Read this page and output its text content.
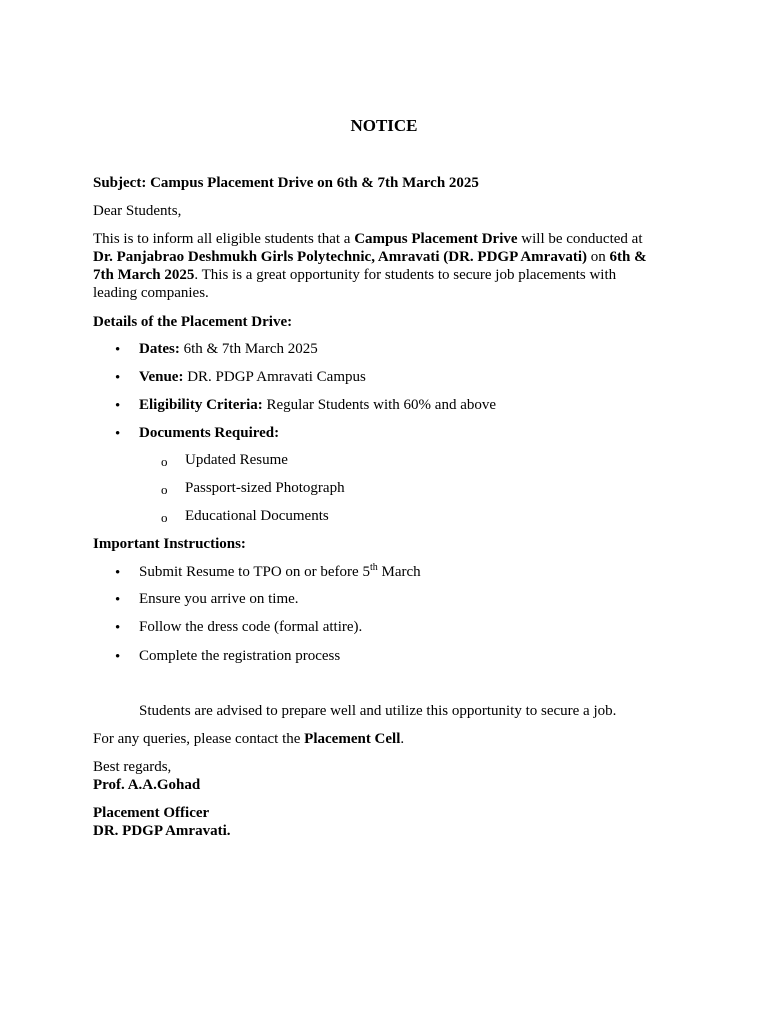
NOTICE
Subject: Campus Placement Drive on 6th & 7th March 2025
Dear Students,
This is to inform all eligible students that a Campus Placement Drive will be conducted at
Dr. Panjabrao Deshmukh Girls Polytechnic, Amravati (DR. PDGP Amravati) on 6th &
7th March 2025. This is a great opportunity for students to secure job placements with
leading companies.
Details of the Placement Drive:
• Dates: 6th & 7th March 2025
• Venue: DR. PDGP Amravati Campus
• Eligibility Criteria: Regular Students with 60% and above
• Documents Required:
o Updated Resume
o Passport-sized Photograph
o Educational Documents
Important Instructions:
• Submit Resume to TPO on or before 5th March
• Ensure you arrive on time.
• Follow the dress code (formal attire).
• Complete the registration process
Students are advised to prepare well and utilize this opportunity to secure a job.
For any queries, please contact the Placement Cell.
Best regards,
Prof. A.A.Gohad
Placement Officer
DR. PDGP Amravati.
